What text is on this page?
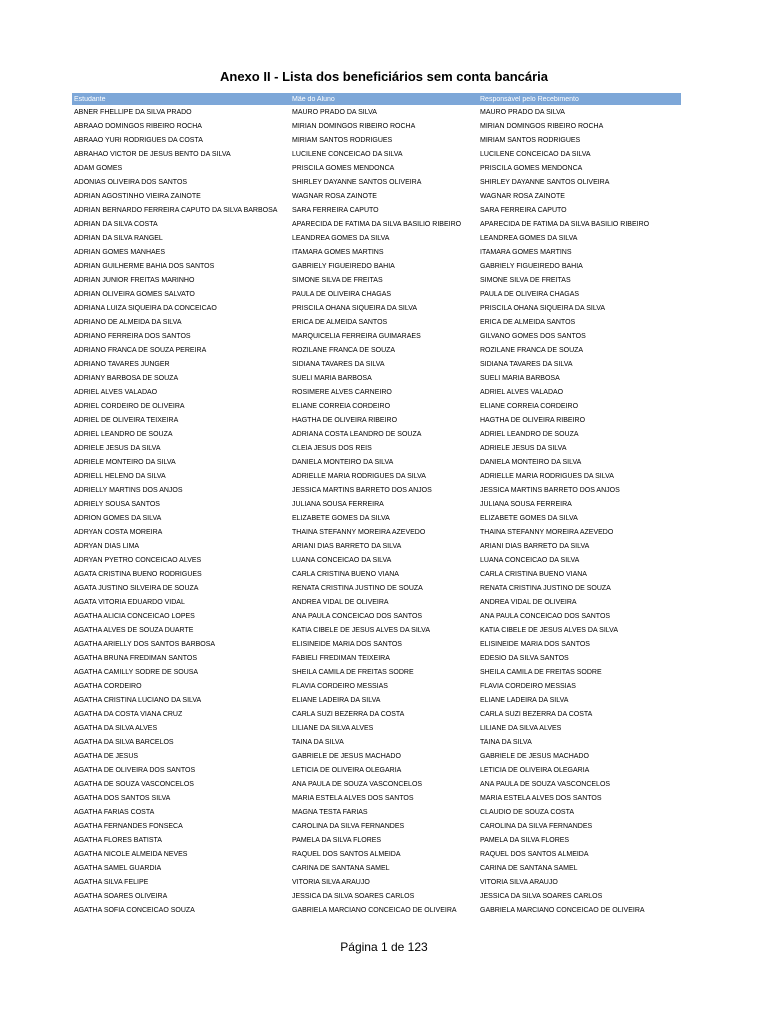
Anexo II - Lista dos beneficiários sem conta bancária
Estudante	Mãe do Aluno	Responsável pelo Recebimento
ABNER FHELLIPE DA SILVA PRADO	MAURO PRADO DA SILVA	MAURO PRADO DA SILVA
ABRAAO DOMINGOS RIBEIRO ROCHA	MIRIAN DOMINGOS RIBEIRO ROCHA	MIRIAN DOMINGOS RIBEIRO ROCHA
ABRAAO YURI RODRIGUES DA COSTA	MIRIAM SANTOS RODRIGUES	MIRIAM SANTOS RODRIGUES
ABRAHAO VICTOR DE JESUS BENTO DA SILVA	LUCILENE CONCEICAO DA SILVA	LUCILENE CONCEICAO DA SILVA
ADAM GOMES	PRISCILA GOMES MENDONCA	PRISCILA GOMES MENDONCA
ADONIAS OLIVEIRA DOS SANTOS	SHIRLEY DAYANNE SANTOS OLIVEIRA	SHIRLEY DAYANNE SANTOS OLIVEIRA
ADRIAN AGOSTINHO VIEIRA ZAINOTE	WAGNAR ROSA ZAINOTE	WAGNAR ROSA ZAINOTE
ADRIAN BERNARDO FERREIRA CAPUTO DA SILVA BARBOSA	SARA FERREIRA CAPUTO	SARA FERREIRA CAPUTO
ADRIAN DA SILVA COSTA	APARECIDA DE FATIMA DA SILVA BASILIO RIBEIRO	APARECIDA DE FATIMA DA SILVA BASILIO RIBEIRO
ADRIAN DA SILVA RANGEL	LEANDREA GOMES DA SILVA	LEANDREA GOMES DA SILVA
ADRIAN GOMES MANHAES	ITAMARA GOMES MARTINS	ITAMARA GOMES MARTINS
ADRIAN GUILHERME BAHIA DOS SANTOS	GABRIELY FIGUEIREDO BAHIA	GABRIELY FIGUEIREDO BAHIA
ADRIAN JUNIOR FREITAS MARINHO	SIMONE SILVA DE FREITAS	SIMONE SILVA DE FREITAS
ADRIAN OLIVEIRA GOMES SALVATO	PAULA DE OLIVEIRA CHAGAS	PAULA DE OLIVEIRA CHAGAS
ADRIANA LUIZA SIQUEIRA DA CONCEICAO	PRISCILA OHANA SIQUEIRA DA SILVA	PRISCILA OHANA SIQUEIRA DA SILVA
ADRIANO DE ALMEIDA DA SILVA	ERICA DE ALMEIDA SANTOS	ERICA DE ALMEIDA SANTOS
ADRIANO FERREIRA DOS SANTOS	MARQUICELIA FERREIRA GUIMARAES	GILVANO GOMES DOS SANTOS
ADRIANO FRANCA DE SOUZA PEREIRA	ROZILANE FRANCA DE SOUZA	ROZILANE FRANCA DE SOUZA
ADRIANO TAVARES JUNGER	SIDIANA TAVARES DA SILVA	SIDIANA TAVARES DA SILVA
ADRIANY BARBOSA DE SOUZA	SUELI MARIA BARBOSA	SUELI MARIA BARBOSA
ADRIEL ALVES VALADAO	ROSIMERE ALVES CARNEIRO	ADRIEL ALVES VALADAO
ADRIEL CORDEIRO DE OLIVEIRA	ELIANE CORREIA CORDEIRO	ELIANE CORREIA CORDEIRO
ADRIEL DE OLIVEIRA TEIXEIRA	HAGTHA DE OLIVEIRA RIBEIRO	HAGTHA DE OLIVEIRA RIBEIRO
ADRIEL LEANDRO DE SOUZA	ADRIANA COSTA LEANDRO DE SOUZA	ADRIEL LEANDRO DE SOUZA
ADRIELE JESUS DA SILVA	CLEIA JESUS DOS REIS	ADRIELE JESUS DA SILVA
ADRIELE MONTEIRO DA SILVA	DANIELA MONTEIRO DA SILVA	DANIELA MONTEIRO DA SILVA
ADRIELL HELENO DA SILVA	ADRIELLE MARIA RODRIGUES DA SILVA	ADRIELLE MARIA RODRIGUES DA SILVA
ADRIELLY MARTINS DOS ANJOS	JESSICA MARTINS BARRETO DOS ANJOS	JESSICA MARTINS BARRETO DOS ANJOS
ADRIELY SOUSA SANTOS	JULIANA SOUSA FERREIRA	JULIANA SOUSA FERREIRA
ADRION GOMES DA SILVA	ELIZABETE GOMES DA SILVA	ELIZABETE GOMES DA SILVA
ADRYAN COSTA MOREIRA	THAINA STEFANNY MOREIRA AZEVEDO	THAINA STEFANNY MOREIRA AZEVEDO
ADRYAN DIAS LIMA	ARIANI DIAS BARRETO DA SILVA	ARIANI DIAS BARRETO DA SILVA
ADRYAN PYETRO CONCEICAO ALVES	LUANA CONCEICAO DA SILVA	LUANA CONCEICAO DA SILVA
AGATA CRISTINA BUENO RODRIGUES	CARLA CRISTINA BUENO VIANA	CARLA CRISTINA BUENO VIANA
AGATA JUSTINO SILVEIRA DE SOUZA	RENATA CRISTINA JUSTINO DE SOUZA	RENATA CRISTINA JUSTINO DE SOUZA
AGATA VITORIA EDUARDO VIDAL	ANDREA VIDAL DE OLIVEIRA	ANDREA VIDAL DE OLIVEIRA
AGATHA ALICIA CONCEICAO LOPES	ANA PAULA CONCEICAO DOS SANTOS	ANA PAULA CONCEICAO DOS SANTOS
AGATHA ALVES DE SOUZA DUARTE	KATIA CIBELE DE JESUS ALVES DA SILVA	KATIA CIBELE DE JESUS ALVES DA SILVA
AGATHA ARIELLY DOS SANTOS BARBOSA	ELISINEIDE MARIA DOS SANTOS	ELISINEIDE MARIA DOS SANTOS
AGATHA BRUNA FREDIMAN SANTOS	FABIELI FREDIMAN TEIXEIRA	EDESIO DA SILVA SANTOS
AGATHA CAMILLY SODRE DE SOUSA	SHEILA CAMILA DE FREITAS SODRE	SHEILA CAMILA DE FREITAS SODRE
AGATHA CORDEIRO	FLAVIA CORDEIRO MESSIAS	FLAVIA CORDEIRO MESSIAS
AGATHA CRISTINA LUCIANO DA SILVA	ELIANE LADEIRA DA SILVA	ELIANE LADEIRA DA SILVA
AGATHA DA COSTA VIANA CRUZ	CARLA SUZI BEZERRA DA COSTA	CARLA SUZI BEZERRA DA COSTA
AGATHA DA SILVA ALVES	LILIANE DA SILVA ALVES	LILIANE DA SILVA ALVES
AGATHA DA SILVA BARCELOS	TAINA DA SILVA	TAINA DA SILVA
AGATHA DE JESUS	GABRIELE DE JESUS MACHADO	GABRIELE DE JESUS MACHADO
AGATHA DE OLIVEIRA DOS SANTOS	LETICIA DE OLIVEIRA OLEGARIA	LETICIA DE OLIVEIRA OLEGARIA
AGATHA DE SOUZA VASCONCELOS	ANA PAULA DE SOUZA VASCONCELOS	ANA PAULA DE SOUZA VASCONCELOS
AGATHA DOS SANTOS SILVA	MARIA ESTELA ALVES DOS SANTOS	MARIA ESTELA ALVES DOS SANTOS
AGATHA FARIAS COSTA	MAGNA TESTA FARIAS	CLAUDIO DE SOUZA COSTA
AGATHA FERNANDES FONSECA	CAROLINA DA SILVA FERNANDES	CAROLINA DA SILVA FERNANDES
AGATHA FLORES BATISTA	PAMELA DA SILVA FLORES	PAMELA DA SILVA FLORES
AGATHA NICOLE ALMEIDA NEVES	RAQUEL DOS SANTOS ALMEIDA	RAQUEL DOS SANTOS ALMEIDA
AGATHA SAMEL GUARDIA	CARINA DE SANTANA SAMEL	CARINA DE SANTANA SAMEL
AGATHA SILVA FELIPE	VITORIA SILVA ARAUJO	VITORIA SILVA ARAUJO
AGATHA SOARES OLIVEIRA	JESSICA DA SILVA SOARES CARLOS	JESSICA DA SILVA SOARES CARLOS
AGATHA SOFIA CONCEICAO SOUZA	GABRIELA MARCIANO CONCEICAO DE OLIVEIRA	GABRIELA MARCIANO CONCEICAO DE OLIVEIRA
Página 1 de 123
